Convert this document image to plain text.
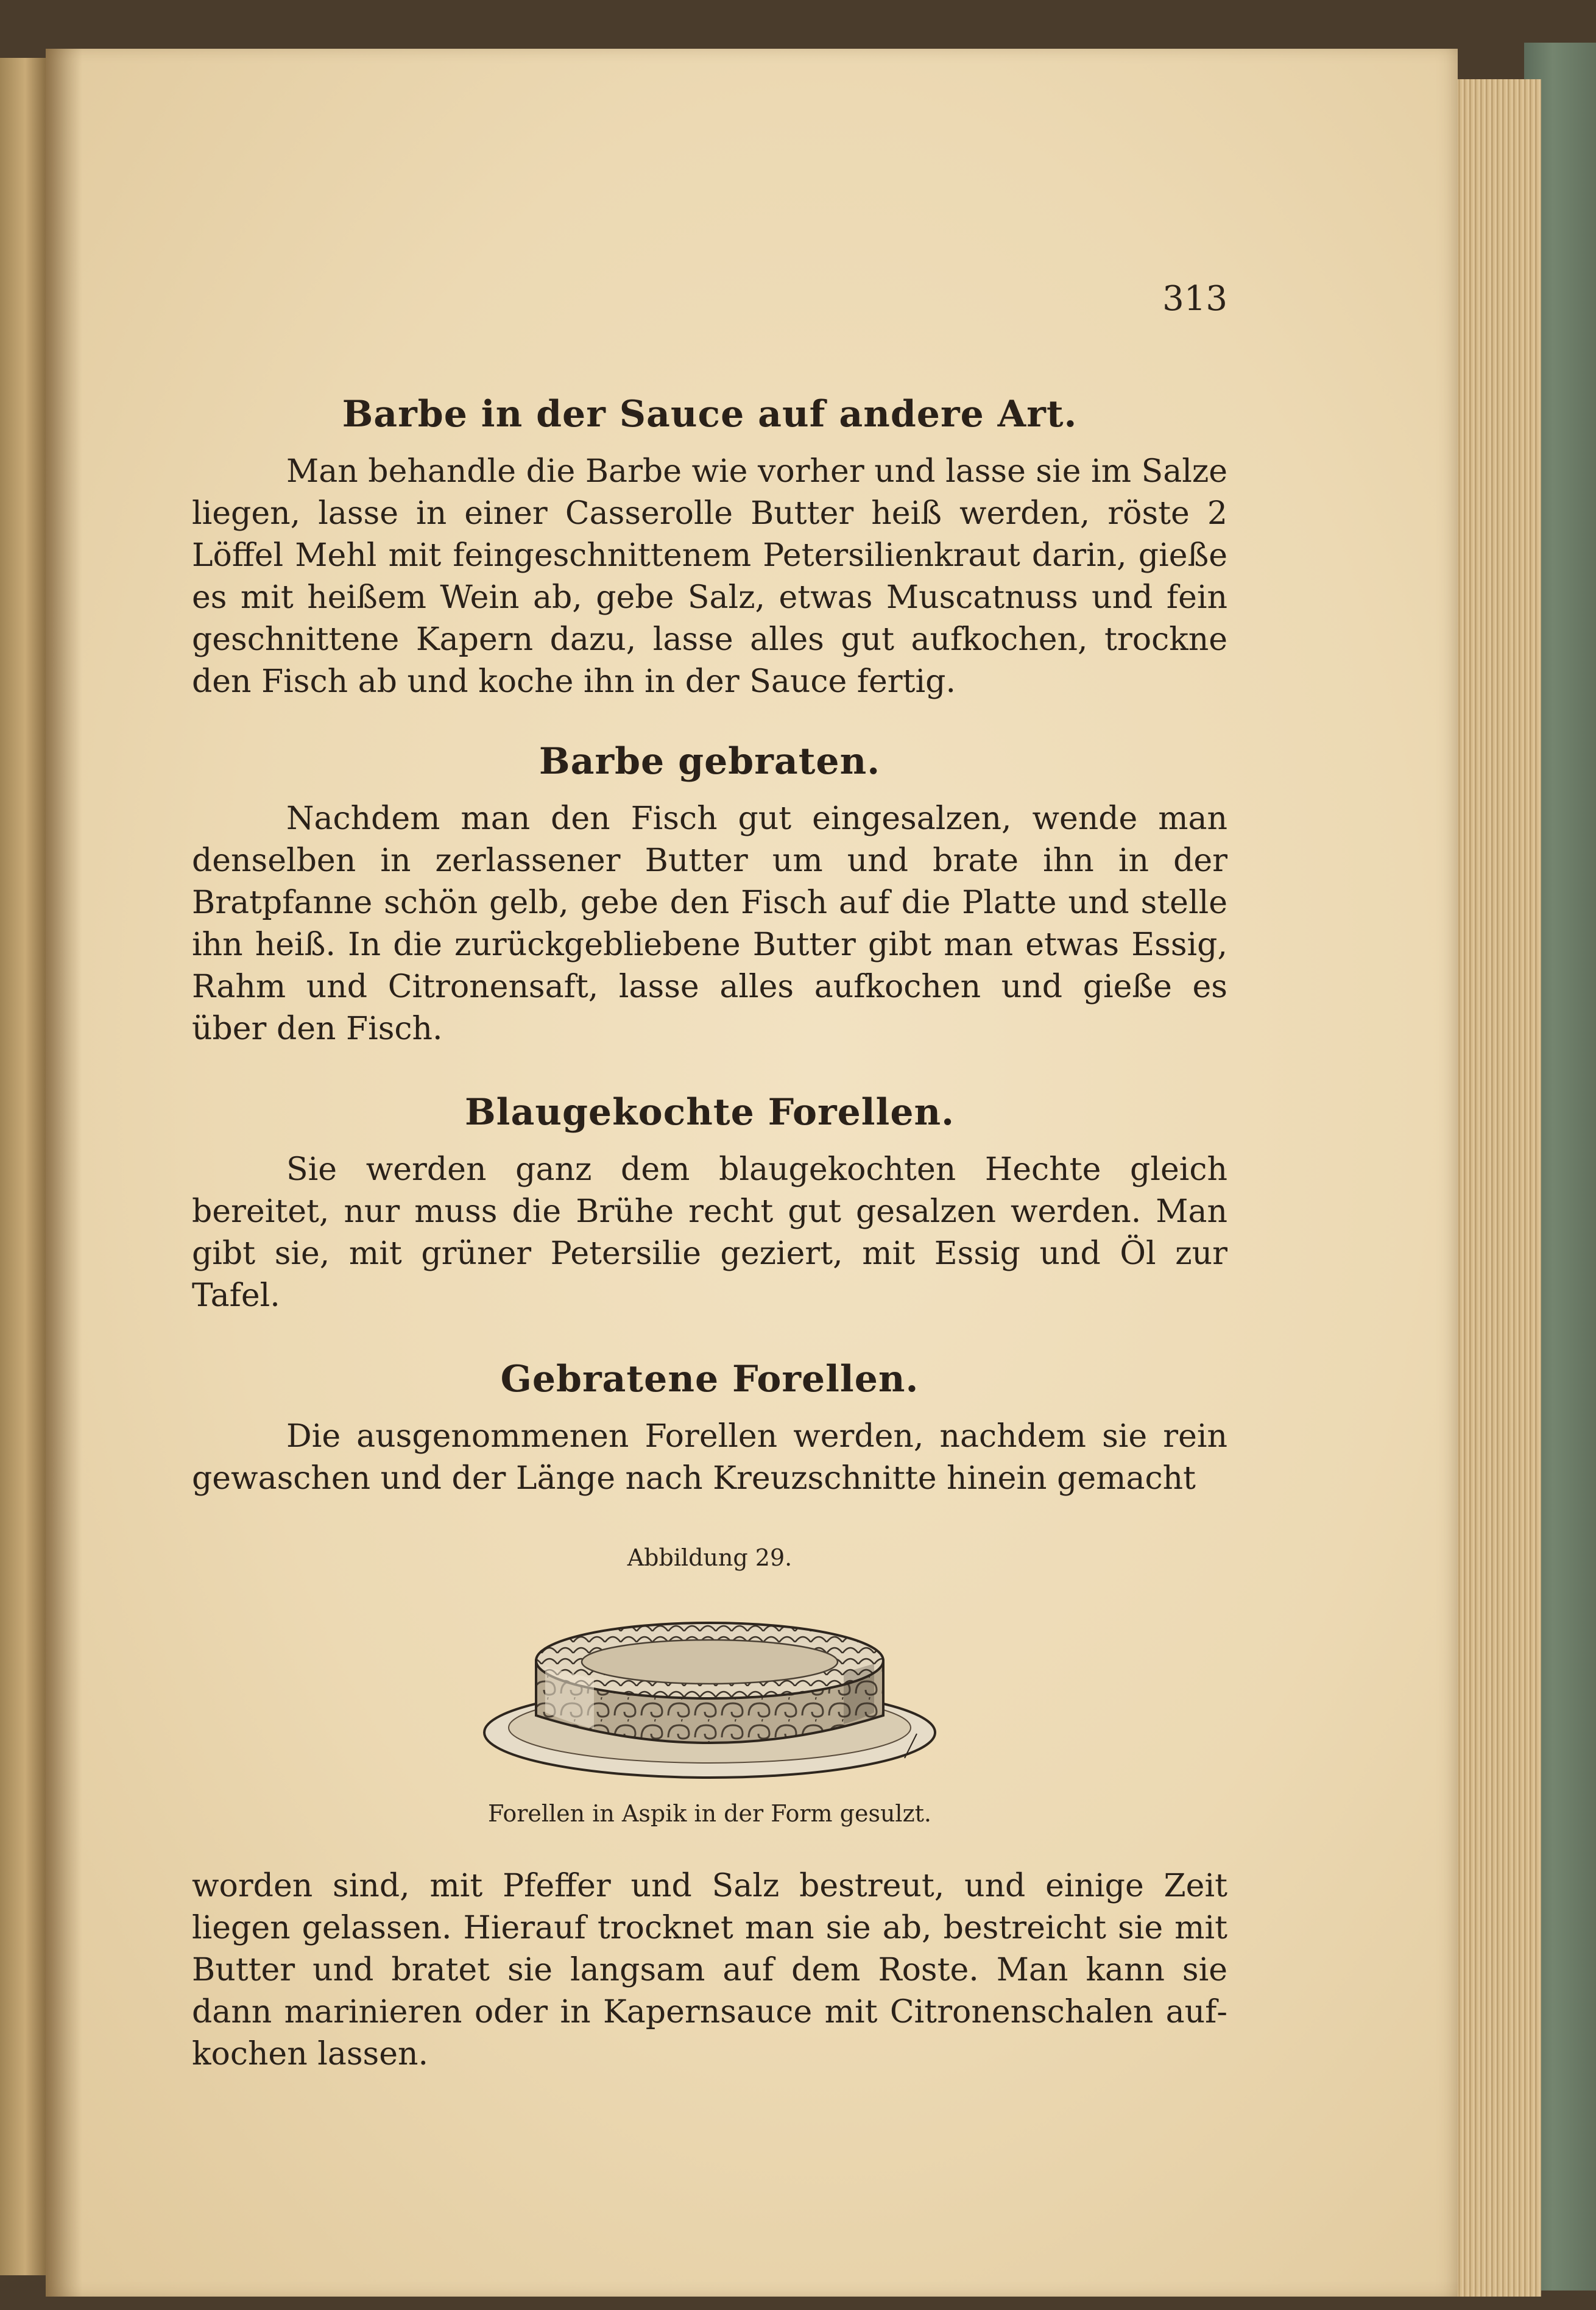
313
Barbe in der Sauce auf andere Art.

Man behandle die Barbe wie vorher und lasse sie im Salze liegen, lasse in einer Casserolle Butter heiß werden, röste 2 Löffel Mehl mit feingeschnittenem Petersilienkraut darin, gieße es mit heißem Wein ab, gebe Salz, etwas Muscatnuss und fein geschnittene Kapern dazu, lasse alles gut aufkochen, trockne den Fisch ab und koche ihn in der Sauce fertig.

Barbe gebraten.

Nachdem man den Fisch gut eingesalzen, wende man denselben in zerlassener Butter um und brate ihn in der Bratpfanne schön gelb, gebe den Fisch auf die Platte und stelle ihn heiß. In die zurückgebliebene Butter gibt man etwas Essig, Rahm und Citronensaft, lasse alles aufkochen und gieße es über den Fisch.

Blaugekochte Forellen.

Sie werden ganz dem blaugekochten Hechte gleich bereitet, nur muss die Brühe recht gut gesalzen werden. Man gibt sie, mit grüner Petersilie geziert, mit Essig und Öl zur Tafel.

Gebratene Forellen.

Die ausgenommenen Forellen werden, nachdem sie rein gewaschen und der Länge nach Kreuzschnitte hinein gemacht

Abbildung 29.
Forellen in Aspik in der Form gesulzt.

worden sind, mit Pfeffer und Salz bestreut, und einige Zeit liegen gelassen. Hierauf trocknet man sie ab, bestreicht sie mit Butter und bratet sie langsam auf dem Roste. Man kann sie dann marinieren oder in Kapernsauce mit Citronenschalen aufkochen lassen.
